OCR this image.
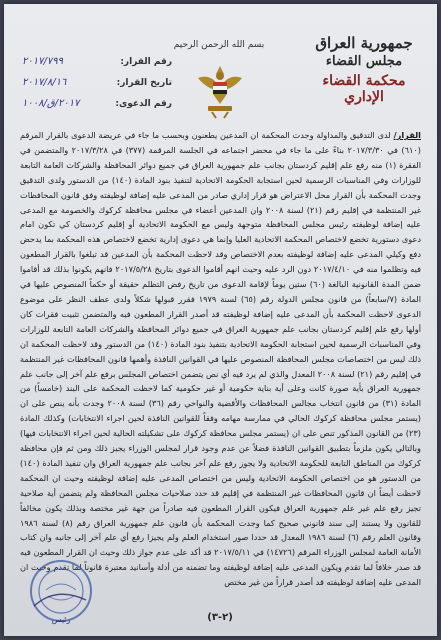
جمهورية العراق
مجلس القضاء
محكمة القضاء الإداري
بسم الله الرحمن الرحيم
رقم القرار:
٢٠١٧/٧٩٩
تاريخ القرار:
٢٠١٧/٨/١٦
رقم الدعوى:
٢٠١٧/ق/١٠٠٨
القرار/ لدى التدقيق والمداولة وجدت المحكمة ان المدعين يطعنون وبحسب ما جاء في عريضة الدعوى بالقرار المرقم (٦١٠) في ٢٠١٧/٣/٣٠ بناءً على ما جاء في محضر اجتماعه في الجلسة المرقمة (٣٧٧) في ٢٠١٧/٣/٢٨ والمتضمن في الفقرة (١) منه رفع علم إقليم كردستان بجانب علم جمهورية العراق في جميع دوائر المحافظة والشركات العامة التابعة للوزارات وفي المناسبات الرسمية لحين استجابة الحكومة الاتحادية لتنفيذ بنود المادة (١٤٠) من الدستور ولدى التدقيق وجدت المحكمة بأن القرار محل الاعتراض هو قرار إداري صادر من المدعى عليه إضافة لوظيفته وفق قانون المحافظات غير المنتظمة في إقليم رقم (٢١) لسنة ٢٠٠٨ وان المدعين أعضاء في مجلس محافظة كركوك والخصومة مع المدعى عليه إضافة لوظيفته رئيس مجلس المحافظة متوجهة وليس مع الحكومة الاتحادية أو إقليم كردستان كي تكون امام دعوى دستورية تخضع لاختصاص المحكمة الاتحادية العليا وإنما هي دعوى إدارية تخضع لاختصاص هذه المحكمة بما يدحض دفع وكيلي المدعى عليه إضافة لوظيفته بعدم الاختصاص وقد لاحظت المحكمة بأن المدعين قد تبلغوا بالقرار المطعون فيه وتظلموا منه في ٢٠١٧/٤/١٠ دون الرد عليه وحيث انهم أقاموا الدعوى بتاريخ ٢٠١٧/٥/٢٨ فانهم يكونوا بذلك قد أقاموا ضمن المدة القانونية البالغة (٦٠) ستين يوماً لإقامة الدعوى من تاريخ رفض التظلم حقيقة أو حكماً المنصوص عليها في المادة (٧/سابعاً) من قانون مجلس الدولة رقم (٦٥) لسنة ١٩٧٩ فقرر قبولها شكلاً ولدى عطف النظر على موضوع الدعوى لاحظت المحكمة بأن المدعى عليه إضافة لوظيفته قد أصدر القرار المطعون فيه والمتضمن تثبيت فقرات كان أولها رفع علم إقليم كردستان بجانب علم جمهورية العراق في جميع دوائر المحافظة والشركات العامة التابعة للوزارات وفي المناسبات الرسمية لحين استجابة الحكومة الاتحادية بتنفيذ بنود المادة (١٤٠) من الدستور وقد لاحظت المحكمة ان ذلك ليس من اختصاصات مجلس المحافظة المنصوص عليها في القوانين النافذة وأهمها قانون المحافظات غير المنتظمة في إقليم رقم (٢١) لسنة ٢٠٠٨ المعدل والذي لم يرد فيه أي نص يتضمن اختصاص المجلس برفع علم آخر إلى جانب علم جمهورية العراق بأية صورة كانت وعلى أية بناية حكومية أو غير حكومية كما لاحظت المحكمة على البند (خامساً) من المادة (٣١) من قانون انتخاب مجالس المحافظات والأقضية والنواحي رقم (٣٦) لسنة ٢٠٠٨ وجدت بأنه ينص على ان (يستمر مجلس محافظة كركوك الحالي في ممارسة مهامه وفقاً للقوانين النافذة لحين اجراء الانتخابات) وكذلك المادة (٢٣) من القانون المذكور تنص على ان (يستمر مجلس محافظة كركوك على تشكيلته الحالية لحين اجراء الانتخابات فيها) وبالتالي يكون ملزماً بتطبيق القوانين النافذة فضلاً عن عدم وجود قرار لمجلس الوزراء يجيز ذلك ومن ثم فإن محافظة كركوك من المناطق التابعة للحكومة الاتحادية ولا يجوز رفع علم آخر بجانب علم جمهورية العراق وان تنفيذ المادة (١٤٠) من الدستور هو من اختصاص الحكومة الاتحادية وليس من اختصاص المدعى عليه إضافة لوظيفته وحيث ان المحكمة لاحظت أيضاً ان قانون المحافظات غير المنتظمة في إقليم قد حدد صلاحيات مجلس المحافظة ولم يتضمن أية صلاحية تجيز رفع علم غير علم جمهورية العراق فيكون القرار المطعون فيه صادراً من جهة غير مختصة وبذلك يكون مخالفاً للقانون ولا يستند إلى سند قانوني صحيح كما وجدت المحكمة بأن قانون علم جمهورية العراق رقم (٨) لسنة ١٩٨٦ وقانون العلم رقم (٦) لسنة ١٩٨٦ المعدل قد حددا صور استخدام العلم ولم يجيزا رفع أي علم آخر إلى جانبه وان كتاب الأمانة العامة لمجلس الوزراء المرقم (١٤٧٢٦) في ٢٠١٧/٥/١١ قد أكد على عدم جواز ذلك وحيث ان القرار المطعون فيه قد صدر خلافاً لما تقدم ويكون المدعى عليه إضافة لوظيفته وما تضمنه من أدلة وأسانيد معتبرة قانوناً لما تقدم وحيث ان المدعى عليه إضافة لوظيفته قد أصدر قراراً من غير مختص
رئيس	(٢-٣)
